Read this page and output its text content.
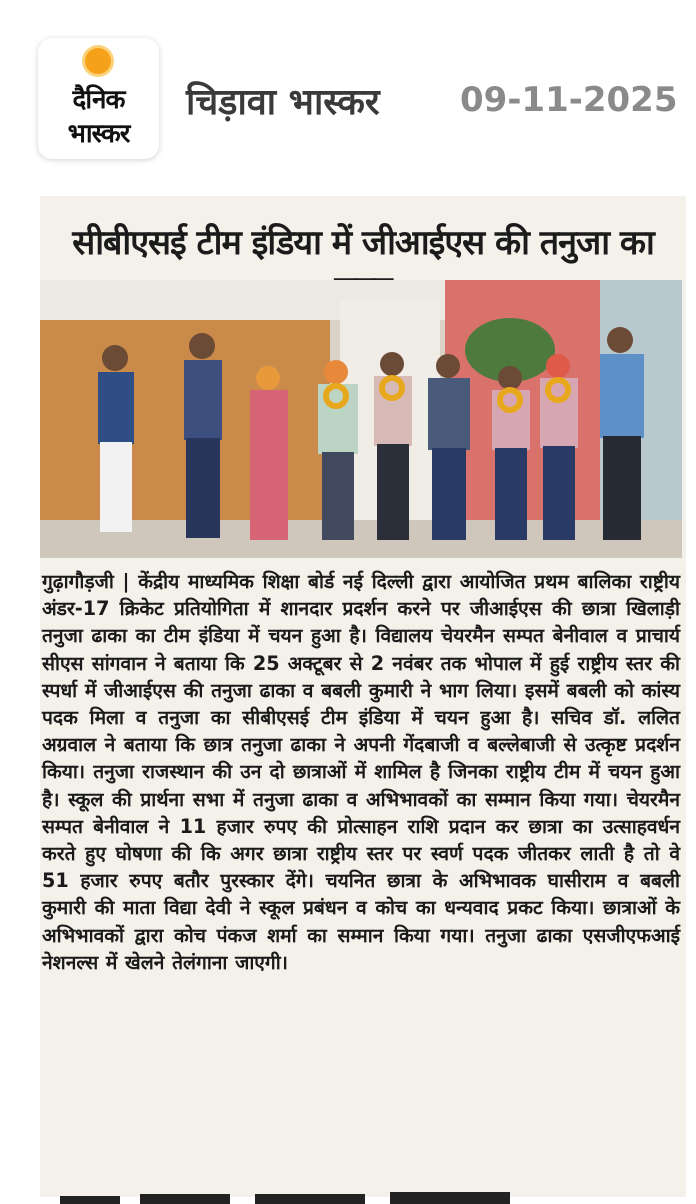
दैनिक
भास्कर
चिड़ावा भास्कर 09-11-2025
सीबीएसई टीम इंडिया में जीआईएस की तनुजा का

गुढ़ागौड़जी | केंद्रीय माध्यमिक शिक्षा बोर्ड नई दिल्ली द्वारा आयोजित प्रथम बालिका राष्ट्रीय अंडर-17 क्रिकेट प्रतियोगिता में शानदार प्रदर्शन करने पर जीआईएस की छात्रा खिलाड़ी तनुजा ढाका का टीम इंडिया में चयन हुआ है। विद्यालय चेयरमैन सम्पत बेनीवाल व प्राचार्य सीएस सांगवान ने बताया कि 25 अक्टूबर से 2 नवंबर तक भोपाल में हुई राष्ट्रीय स्तर की स्पर्धा में जीआईएस की तनुजा ढाका व बबली कुमारी ने भाग लिया। इसमें बबली को कांस्य पदक मिला व तनुजा का सीबीएसई टीम इंडिया में चयन हुआ है। सचिव डॉ. ललित अग्रवाल ने बताया कि छात्र तनुजा ढाका ने अपनी गेंदबाजी व बल्लेबाजी से उत्कृष्ट प्रदर्शन किया। तनुजा राजस्थान की उन दो छात्राओं में शामिल है जिनका राष्ट्रीय टीम में चयन हुआ है। स्कूल की प्रार्थना सभा में तनुजा ढाका व अभिभावकों का सम्मान किया गया। चेयरमैन सम्पत बेनीवाल ने 11 हजार रुपए की प्रोत्साहन राशि प्रदान कर छात्रा का उत्साहवर्धन करते हुए घोषणा की कि अगर छात्रा राष्ट्रीय स्तर पर स्वर्ण पदक जीतकर लाती है तो वे 51 हजार रुपए बतौर पुरस्कार देंगे। चयनित छात्रा के अभिभावक घासीराम व बबली कुमारी की माता विद्या देवी ने स्कूल प्रबंधन व कोच का धन्यवाद प्रकट किया। छात्राओं के अभिभावकों द्वारा कोच पंकज शर्मा का सम्मान किया गया। तनुजा ढाका एसजीएफआई नेशनल्स में खेलने तेलंगाना जाएगी।
